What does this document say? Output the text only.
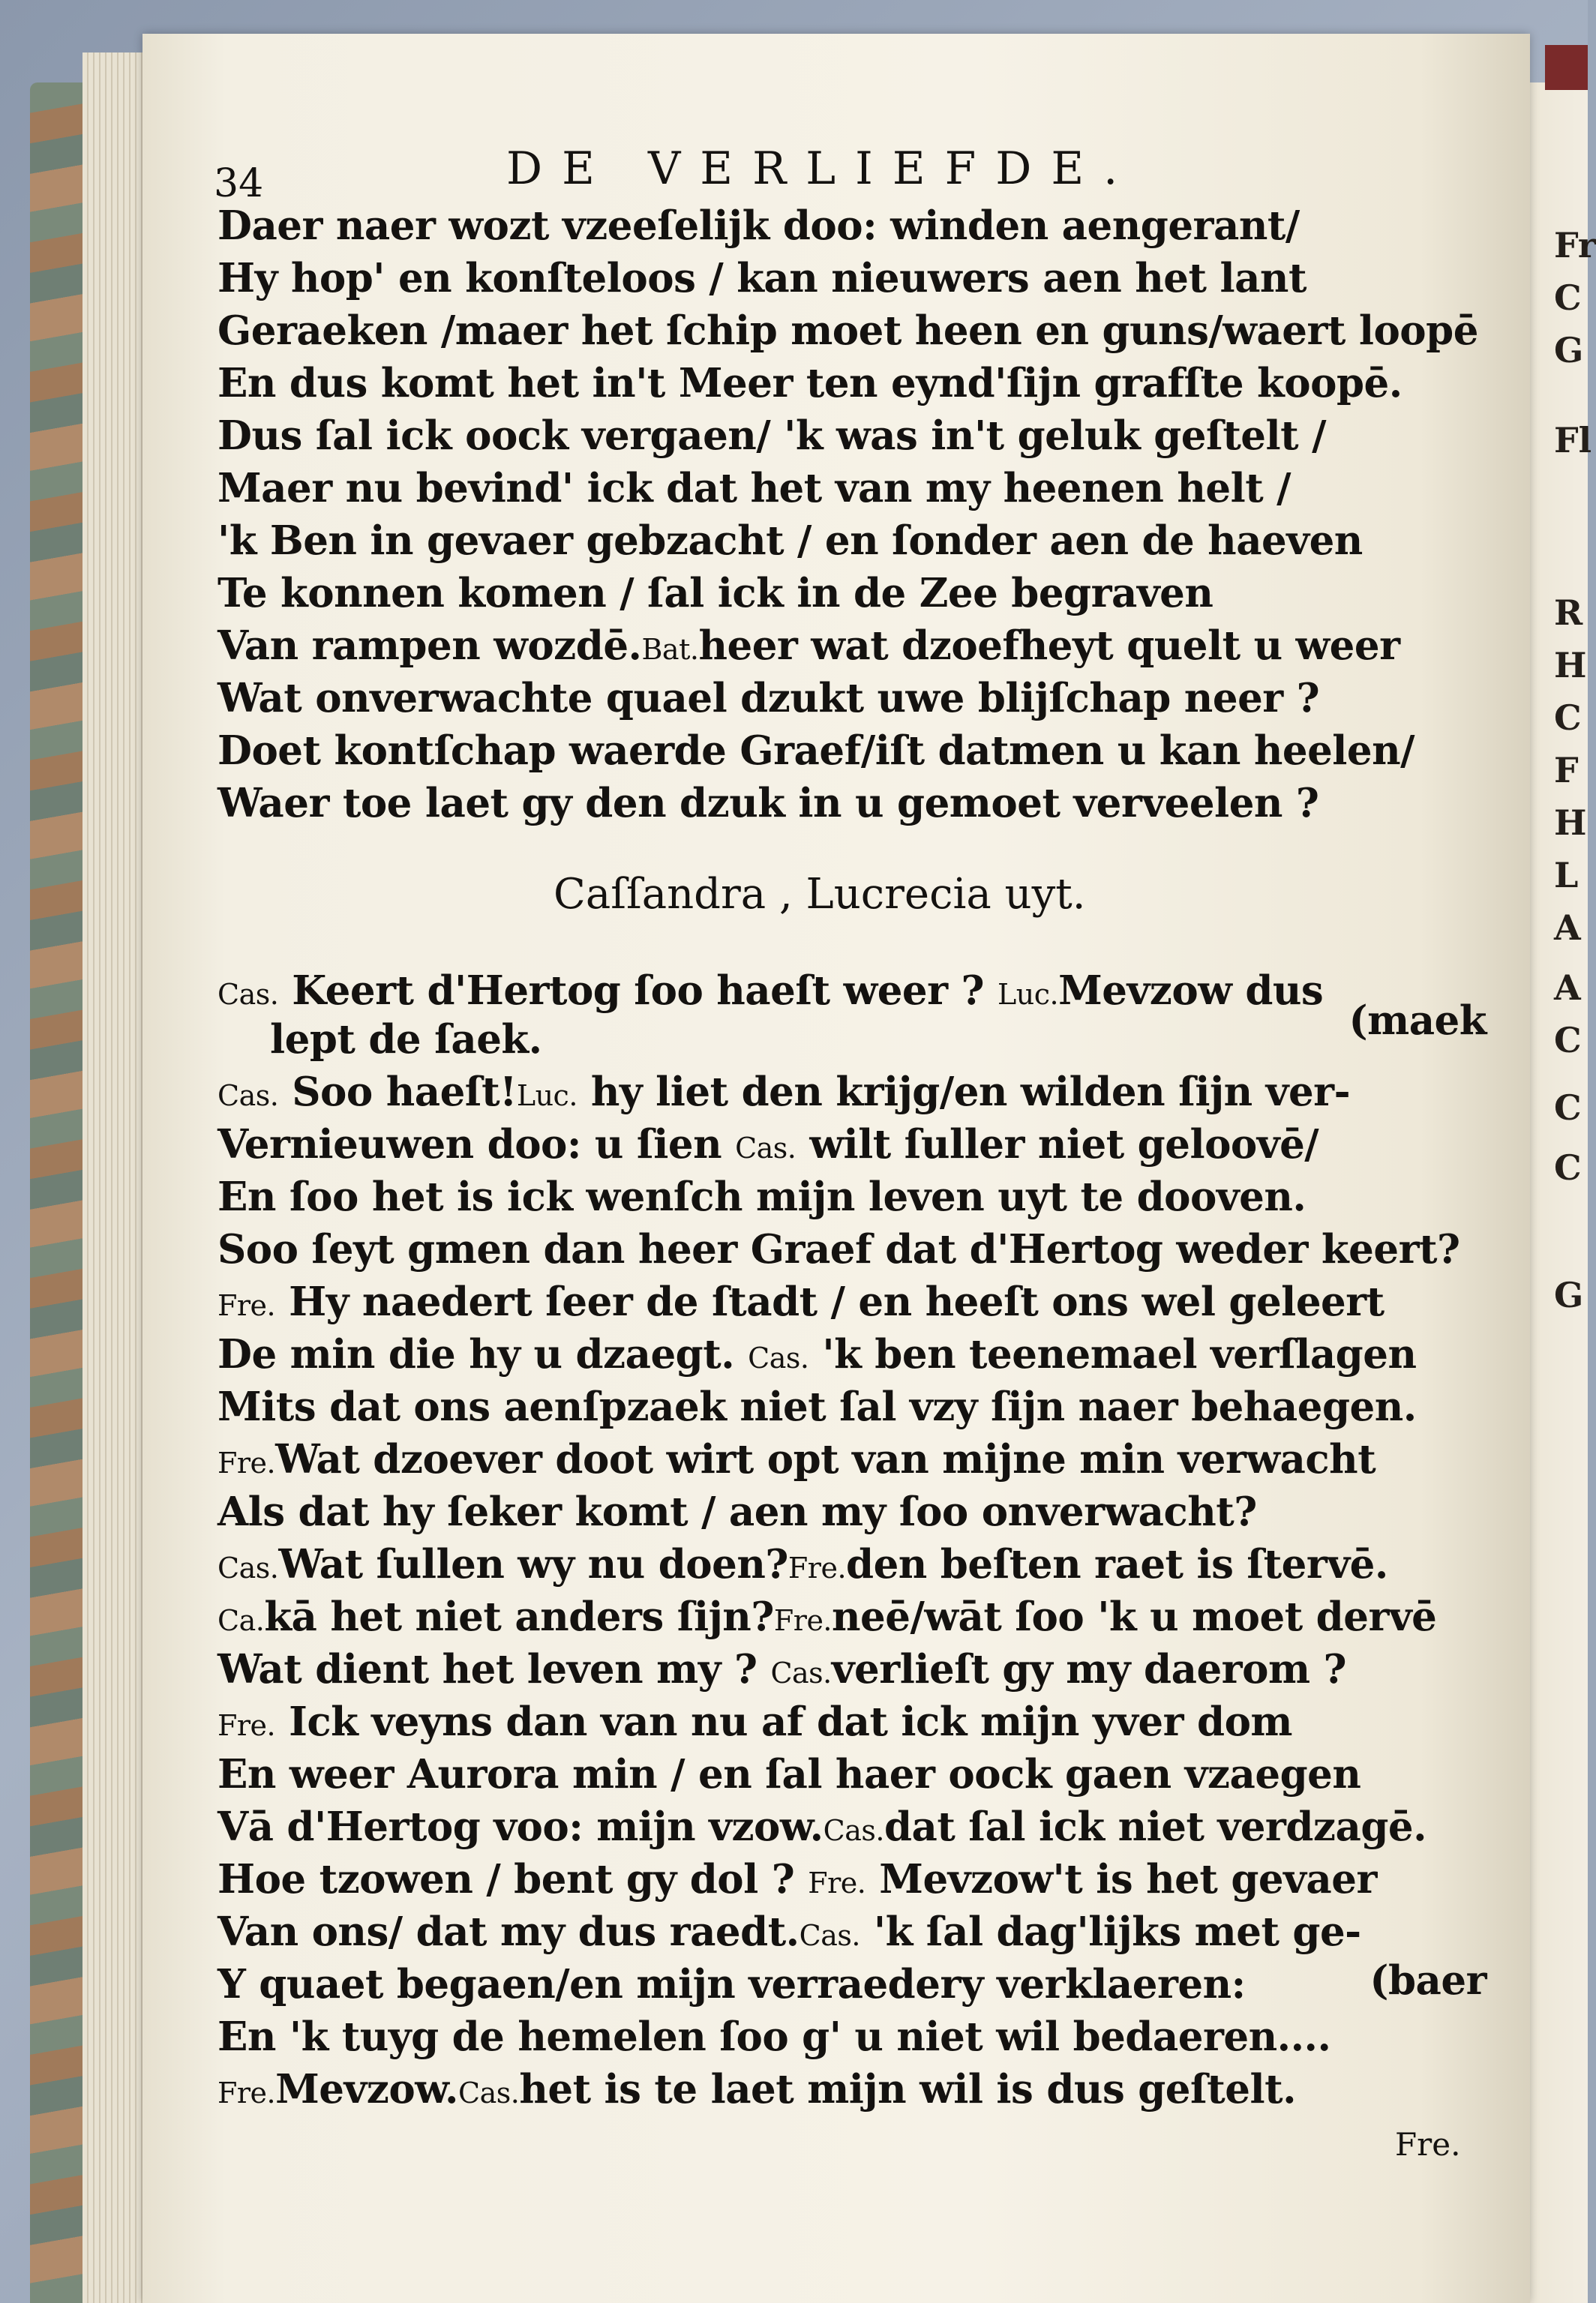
34	DE VERLIEFDE.
Daer naer wozt vzeeſelijk doo: winden aengerant/
Hy hop' en konſteloos / kan nieuwers aen het lant
Geraeken /maer het ſchip moet heen en guns/waert loopē
En dus komt het in't Meer ten eynd'ſijn grafſte koopē.
Dus ſal ick oock vergaen/ 'k was in't geluk geſtelt /
Maer nu bevind' ick dat het van my heenen helt /
'k Ben in gevaer gebzacht / en ſonder aen de haeven
Te konnen komen / ſal ick in de Zee begraven
Van rampen wozdē.Bat.heer wat dzoefheyt quelt u weer
Wat onverwachte quael dzukt uwe blijſchap neer ?
Doet kontſchap waerde Graef/iſt datmen u kan heelen/
Waer toe laet gy den dzuk in u gemoet verveelen ?
Caſſandra , Lucrecia uyt.
Cas. Keert d'Hertog ſoo haeſt weer ? Luc.Mevzow dus
lept de ſaek.	(maek
Cas. Soo haeſt!Luc. hy liet den krijg/en wilden ſijn ver-
Vernieuwen doo: u ſien Cas. wilt ſuller niet geloovē/
En ſoo het is ick wenſch mijn leven uyt te dooven.
Soo ſeyt gmen dan heer Graef dat d'Hertog weder keert?
Fre. Hy naedert ſeer de ſtadt / en heeſt ons wel geleert
De min die hy u dzaegt. Cas. 'k ben teenemael verſlagen
Mits dat ons aenſpzaek niet ſal vzy ſijn naer behaegen.
Fre.Wat dzoever doot wirt opt van mijne min verwacht
Als dat hy ſeker komt / aen my ſoo onverwacht?
Cas.Wat ſullen wy nu doen?Fre.den beſten raet is ſtervē.
Ca.kā het niet anders ſijn?Fre.neē/wāt ſoo 'k u moet dervē
Wat dient het leven my ? Cas.verlieſt gy my daerom ?
Fre. Ick veyns dan van nu af dat ick mijn yver dom
En weer Aurora min / en ſal haer oock gaen vzaegen
Vā d'Hertog voo: mijn vzow.Cas.dat ſal ick niet verdzagē.
Hoe tzowen / bent gy dol ? Fre. Mevzow't is het gevaer
Van ons/ dat my dus raedt.Cas. 'k ſal dag'lijks met ge-
Y quaet begaen/en mijn verraedery verklaeren:	(baer
En 'k tuyg de hemelen ſoo g' u niet wil bedaeren....
Fre.Mevzow.Cas.het is te laet mijn wil is dus geſtelt.
Fre.
Fr
C
G
Fl
R
H
C
F
H
L
A
A
C
C
C
G
